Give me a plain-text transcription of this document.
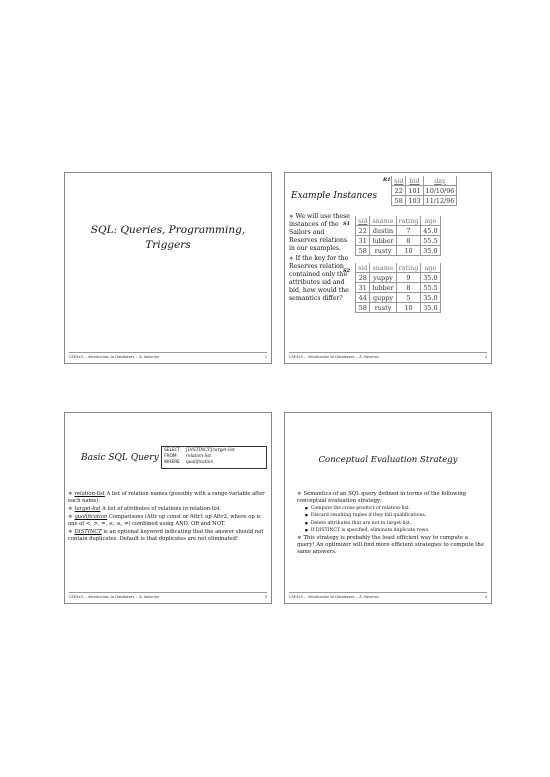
SQL: Queries, Programming,
Triggers
CSE3x3 -- Introduction to Databases -- A. Vaisman	1
Example Instances
R1 sid	bid	day
22	101	10/10/96
58	103	11/12/96
❖ We will use these instances of the Sailors and Reserves relations in our examples.
❖ If the key for the Reserves relation contained only the attributes sid and bid, how would the semantics differ?
S1 sid	sname	rating	age
22	dustin	7	45.0
31	lubber	8	55.5
58	rusty	10	35.0
S2 sid	sname	rating	age
28	yuppy	9	35.0
31	lubber	8	55.5
44	guppy	5	35.0
58	rusty	10	35.0
CSE3x3 -- Introduction to Databases -- A. Vaisman	2
Basic SQL Query
SELECT [DISTINCT] target-list
FROM relation-list
WHERE qualification
❖ relation-list A list of relation names (possibly with a range-variable after each name).
❖ target-list A list of attributes of relations in relation-list
❖ qualification Comparisons (Attr op const or Attr1 op Attr2, where op is one of <, >, =, ≤, ≥, ≠) combined using AND, OR and NOT.
❖ DISTINCT is an optional keyword indicating that the answer should not contain duplicates. Default is that duplicates are not eliminated!
CSE3x3 -- Introduction to Databases -- A. Vaisman	3
Conceptual Evaluation Strategy
❖ Semantics of an SQL query defined in terms of the following conceptual evaluation strategy:
■ Compute the cross-product of relation-list.
■ Discard resulting tuples if they fail qualifications.
■ Delete attributes that are not in target-list.
■ If DISTINCT is specified, eliminate duplicate rows.
❖ This strategy is probably the least efficient way to compute a query! An optimizer will find more efficient strategies to compute the same answers.
CSE3x3 -- Introduction to Databases -- A. Vaisman	4
